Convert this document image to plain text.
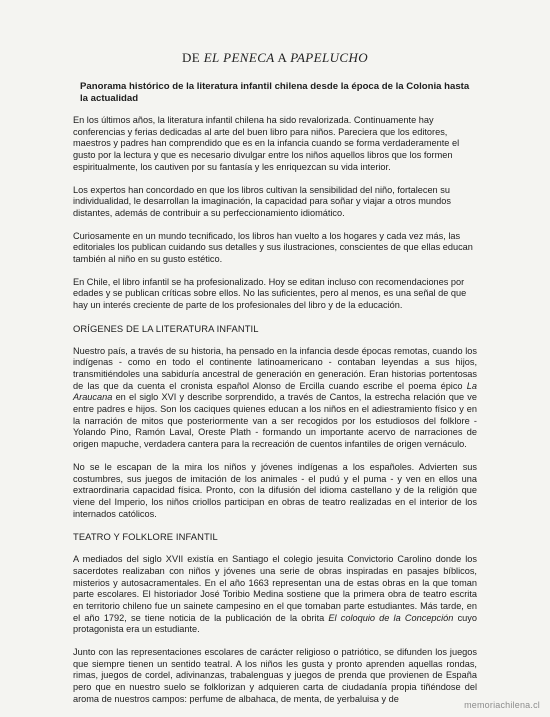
DE EL PENECA A PAPELUCHO
Panorama histórico de la literatura infantil chilena desde la época de la Colonia hasta la actualidad

En los últimos años, la literatura infantil chilena ha sido revalorizada. Continuamente hay conferencias y ferias dedicadas al arte del buen libro para niños. Pareciera que los editores, maestros y padres han comprendido que es en la infancia cuando se forma verdaderamente el gusto por la lectura y que es necesario divulgar entre los niños aquellos libros que los formen espiritualmente, los cautiven por su fantasía y les enriquezcan su vida interior.

Los expertos han concordado en que los libros cultivan la sensibilidad del niño, fortalecen su individualidad, le desarrollan la imaginación, la capacidad para soñar y viajar a otros mundos distantes, además de contribuir a su perfeccionamiento idiomático.

Curiosamente en un mundo tecnificado, los libros han vuelto a los hogares y cada vez más, las editoriales los publican cuidando sus detalles y sus ilustraciones, conscientes de que ellas educan también al niño en su gusto estético.

En Chile, el libro infantil se ha profesionalizado. Hoy se editan incluso con recomendaciones por edades y se publican críticas sobre ellos. No las suficientes, pero al menos, es una señal de que hay un interés creciente de parte de los profesionales del libro y de la educación.

ORÍGENES DE LA LITERATURA INFANTIL

Nuestro país, a través de su historia, ha pensado en la infancia desde épocas remotas, cuando los indígenas - como en todo el continente latinoamericano - contaban leyendas a sus hijos, transmitiéndoles una sabiduría ancestral de generación en generación. Eran historias portentosas de las que da cuenta el cronista español Alonso de Ercilla cuando escribe el poema épico La Araucana en el siglo XVI y describe sorprendido, a través de Cantos, la estrecha relación que ve entre padres e hijos. Son los caciques quienes educan a los niños en el adiestramiento físico y en la narración de mitos que posteriormente van a ser recogidos por los estudiosos del folklore - Yolando Pino, Ramón Laval, Oreste Plath - formando un importante acervo de narraciones de origen mapuche, verdadera cantera para la recreación de cuentos infantiles de origen vernáculo.

No se le escapan de la mira los niños y jóvenes indígenas a los españoles. Advierten sus costumbres, sus juegos de imitación de los animales - el pudú y el puma - y ven en ellos una extraordinaria capacidad física. Pronto, con la difusión del idioma castellano y de la religión que viene del Imperio, los niños criollos participan en obras de teatro realizadas en el interior de los internados católicos.

TEATRO Y FOLKLORE INFANTIL

A mediados del siglo XVII existía en Santiago el colegio jesuita Convictorio Carolino donde los sacerdotes realizaban con niños y jóvenes una serie de obras inspiradas en pasajes bíblicos, misterios y autosacramentales. En el año 1663 representan una de estas obras en la que toman parte escolares. El historiador José Toribio Medina sostiene que la primera obra de teatro escrita en territorio chileno fue un sainete campesino en el que tomaban parte estudiantes. Más tarde, en el año 1792, se tiene noticia de la publicación de la obrita El coloquio de la Concepción cuyo protagonista era un estudiante.

Junto con las representaciones escolares de carácter religioso o patriótico, se difunden los juegos que siempre tienen un sentido teatral. A los niños les gusta y pronto aprenden aquellas rondas, rimas, juegos de cordel, adivinanzas, trabalenguas y juegos de prenda que provienen de España pero que en nuestro suelo se folklorizan y adquieren carta de ciudadanía propia tiñéndose del aroma de nuestros campos: perfume de albahaca, de menta, de yerbaluisa y de

memoriachilena.cl
